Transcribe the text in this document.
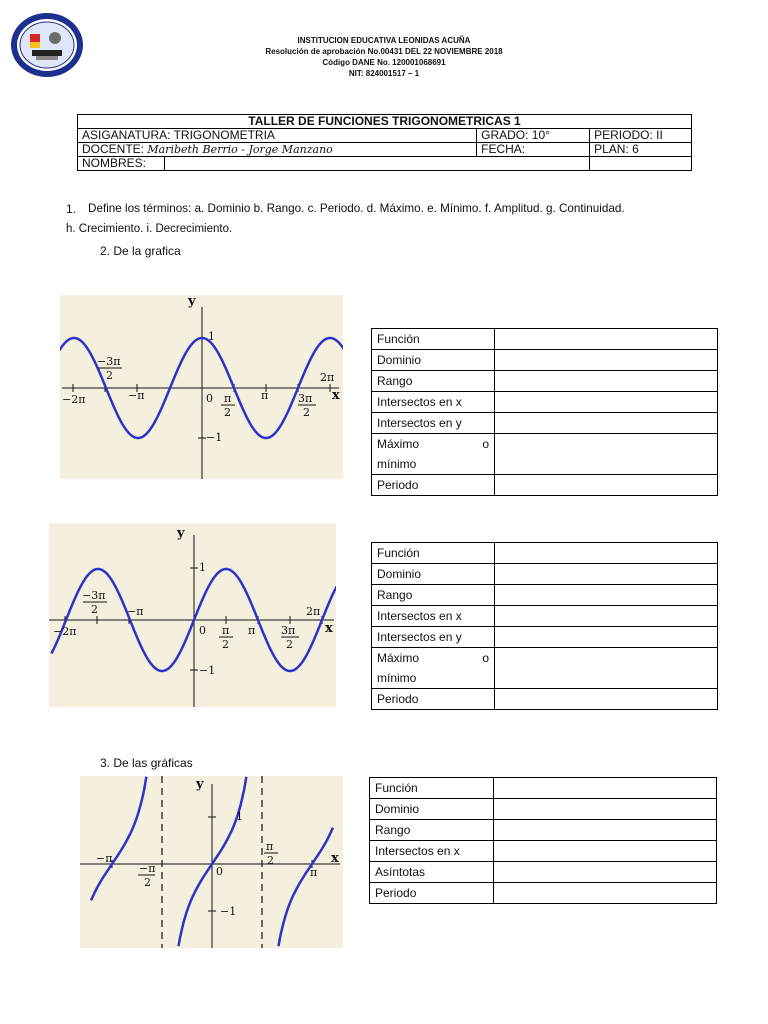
INSTITUCION EDUCATIVA LEONIDAS ACUÑA
Resolución de aprobación No.00431 DEL 22 NOVIEMBRE 2018
Código DANE No. 120001068691
NIT: 824001517 – 1
TALLER DE FUNCIONES TRIGONOMETRICAS 1			
ASIGANATURA: TRIGONOMETRIA		GRADO: 10°	PERIODO: II
DOCENTE: Maribeth Berrio - Jorge Manzano		FECHA:	PLAN: 6
NOMBRES:			
1. Define los términos: a. Dominio b. Rango. c. Periodo. d. Máximo. e. Mínimo. f. Amplitud. g. Continuidad.
h. Crecimiento. i. Decrecimiento.
2. De la grafica
3. De las gráficas
y
x
1
−1
−2π
−3π
2
−π	0 π
2
π	3π
2
2π
Función	
Dominio	
Rango	
Intersectos en x	
Intersectos en y	

Máximo o
mínimo	

Periodo	
y
x
1
−1
−2π
−3π
2	−π
0 π
2
π 3π
2
2π
Función	
Dominio	
Rango	
Intersectos en x	
Intersectos en y	

Máximo o
mínimo	

Periodo	
y
x
1
−1
−π
−π
2
0
π
2
π
Función	
Dominio	
Rango	
Intersectos en x	
Asíntotas	
Periodo	
